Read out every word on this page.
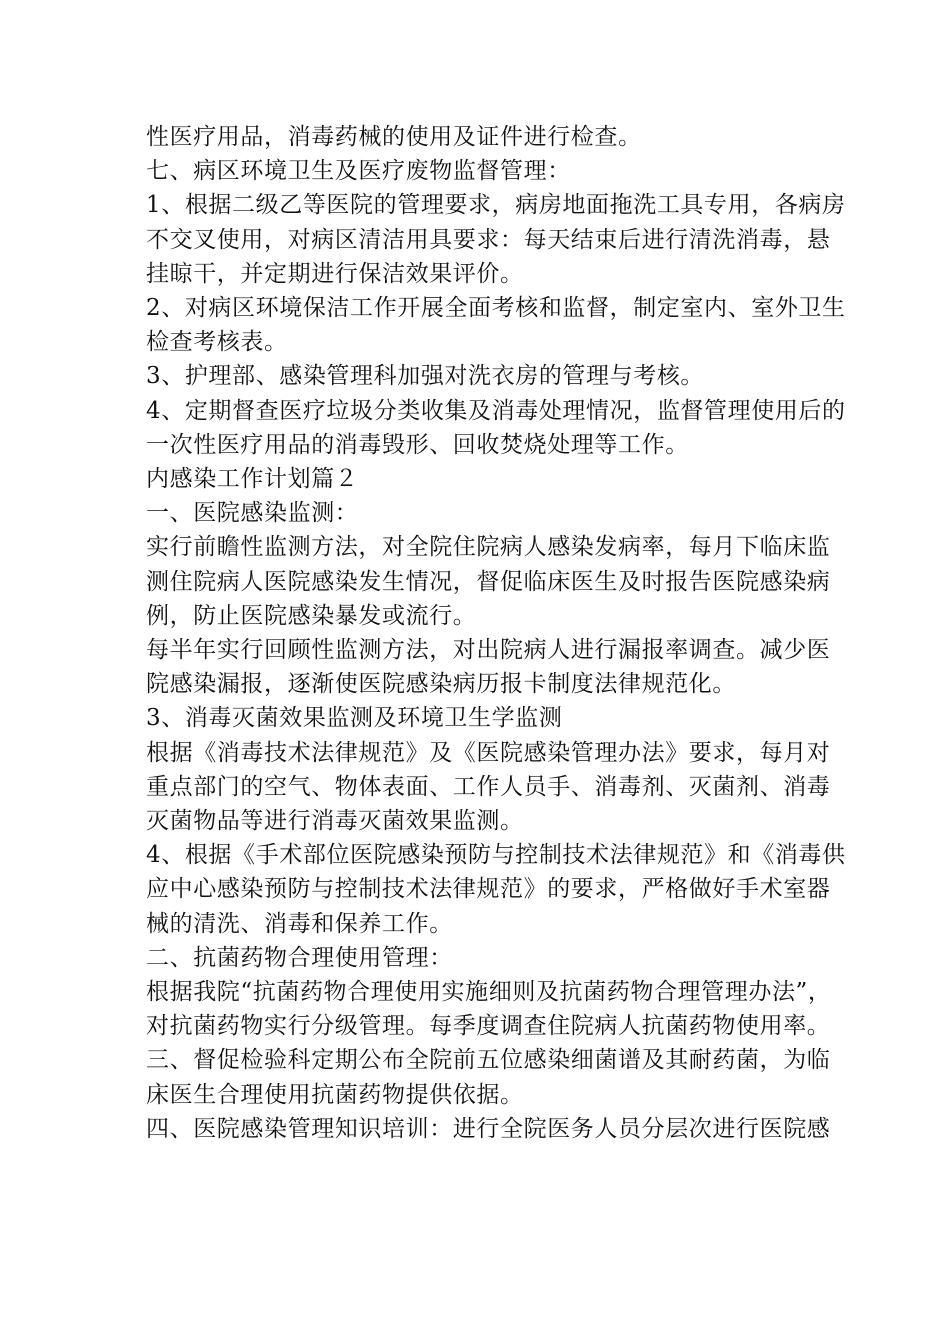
性医疗用品，消毒药械的使用及证件进行检查。

七、病区环境卫生及医疗废物监督管理：

1、根据二级乙等医院的管理要求，病房地面拖洗工具专用，各病房

不交叉使用，对病区清洁用具要求：每天结束后进行清洗消毒，悬

挂晾干，并定期进行保洁效果评价。

2、对病区环境保洁工作开展全面考核和监督，制定室内、室外卫生

检查考核表。

3、护理部、感染管理科加强对洗衣房的管理与考核。

4、定期督查医疗垃圾分类收集及消毒处理情况，监督管理使用后的

一次性医疗用品的消毒毁形、回收焚烧处理等工作。

内感染工作计划篇２

一、医院感染监测：

实行前瞻性监测方法，对全院住院病人感染发病率，每月下临床监

测住院病人医院感染发生情况，督促临床医生及时报告医院感染病

例，防止医院感染暴发或流行。

每半年实行回顾性监测方法，对出院病人进行漏报率调查。减少医

院感染漏报，逐渐使医院感染病历报卡制度法律规范化。

3、消毒灭菌效果监测及环境卫生学监测

根据《消毒技术法律规范》及《医院感染管理办法》要求，每月对

重点部门的空气、物体表面、工作人员手、消毒剂、灭菌剂、消毒

灭菌物品等进行消毒灭菌效果监测。

4、根据《手术部位医院感染预防与控制技术法律规范》和《消毒供

应中心感染预防与控制技术法律规范》的要求，严格做好手术室器

械的清洗、消毒和保养工作。

二、抗菌药物合理使用管理：

根据我院“抗菌药物合理使用实施细则及抗菌药物合理管理办法”，

对抗菌药物实行分级管理。每季度调查住院病人抗菌药物使用率。

三、督促检验科定期公布全院前五位感染细菌谱及其耐药菌，为临

床医生合理使用抗菌药物提供依据。

四、医院感染管理知识培训：进行全院医务人员分层次进行医院感
